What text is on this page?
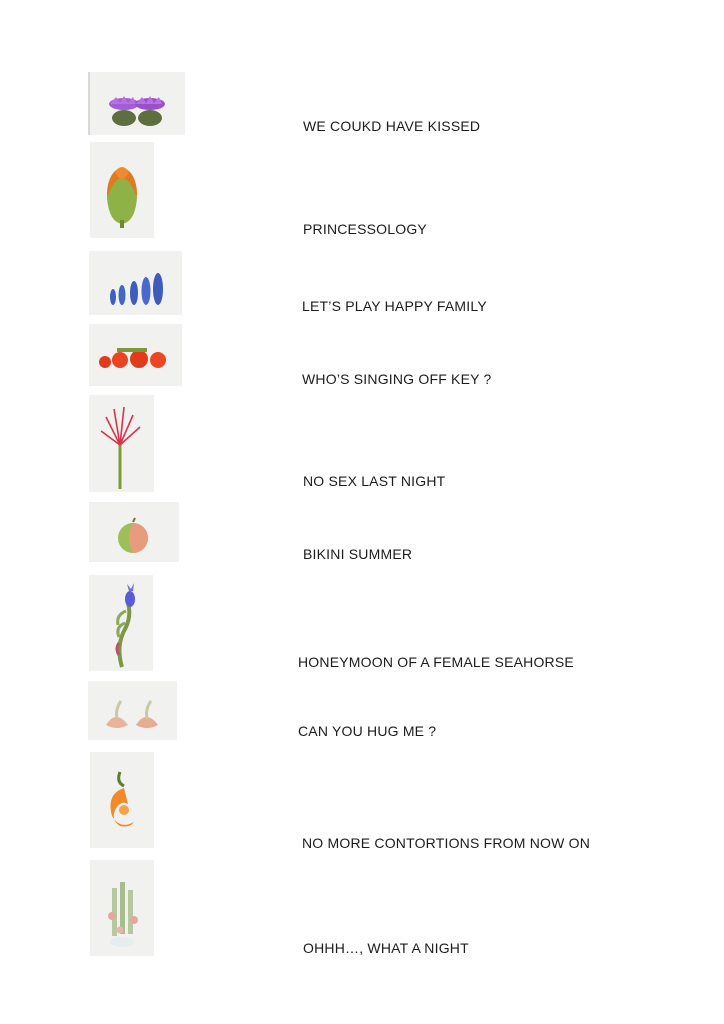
WE COUKD HAVE KISSED
PRINCESSOLOGY
LET’S PLAY HAPPY FAMILY
WHO’S SINGING OFF KEY ?
NO SEX LAST NIGHT
BIKINI SUMMER
HONEYMOON OF A FEMALE SEAHORSE
CAN YOU HUG ME ?
NO MORE CONTORTIONS FROM NOW ON
OHHH…, WHAT A NIGHT
